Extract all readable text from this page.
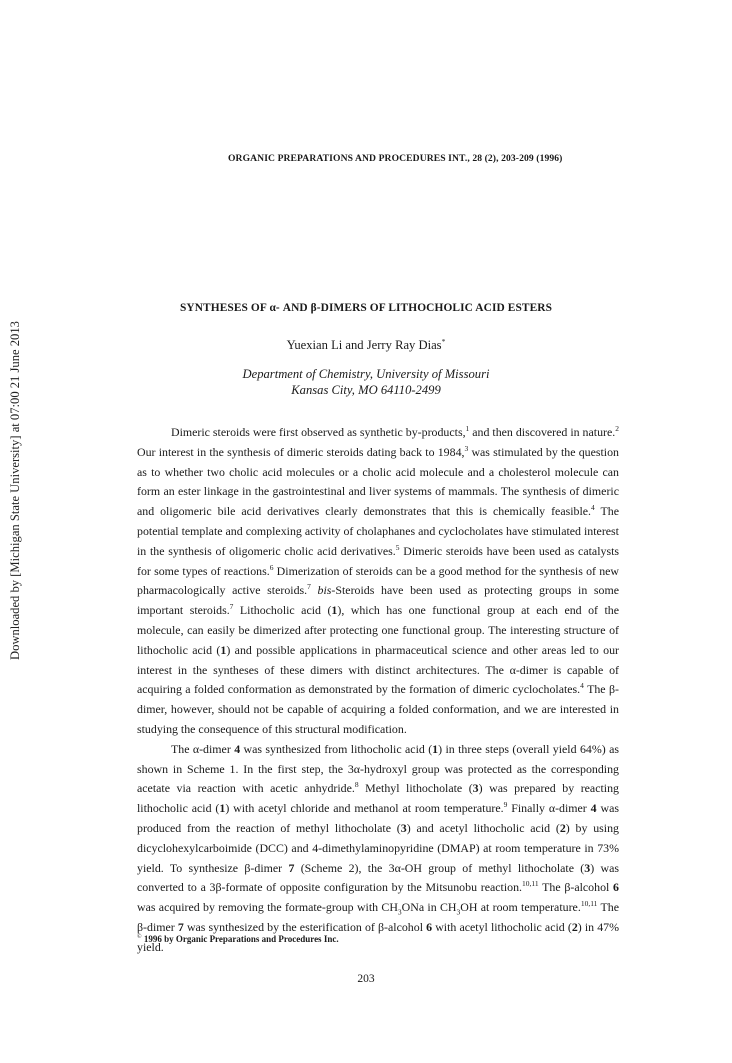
ORGANIC PREPARATIONS AND PROCEDURES INT., 28 (2), 203-209 (1996)
Downloaded by [Michigan State University] at 07:00 21 June 2013
SYNTHESES OF α- AND β-DIMERS OF LITHOCHOLIC ACID ESTERS
Yuexian Li and Jerry Ray Dias*
Department of Chemistry, University of Missouri
Kansas City, MO 64110-2499

Dimeric steroids were first observed as synthetic by-products,$^1$ and then discovered in nature.$^2$ Our interest in the synthesis of dimeric steroids dating back to 1984,$^3$ was stimulated by the question as to whether two cholic acid molecules or a cholic acid molecule and a cholesterol molecule can form an ester linkage in the gastrointestinal and liver systems of mammals. The synthesis of dimeric and oligomeric bile acid derivatives clearly demonstrates that this is chemically feasible.$^4$ The potential template and complexing activity of cholaphanes and cyclocholates have stimulated interest in the synthesis of oligomeric cholic acid derivatives.$^5$ Dimeric steroids have been used as catalysts for some types of reactions.$^6$ Dimerization of steroids can be a good method for the synthesis of new pharmacologically active steroids.$^7$ bis-Steroids have been used as protecting groups in some important steroids.$^7$ Lithocholic acid (1), which has one functional group at each end of the molecule, can easily be dimerized after protecting one functional group. The interesting structure of lithocholic acid (1) and possible applications in pharmaceutical science and other areas led to our interest in the syntheses of these dimers with distinct architectures. The α-dimer is capable of acquiring a folded conformation as demonstrated by the formation of dimeric cyclocholates.$^4$ The β-dimer, however, should not be capable of acquiring a folded conformation, and we are interested in studying the consequence of this structural modification.

The α-dimer 4 was synthesized from lithocholic acid (1) in three steps (overall yield 64%) as shown in Scheme 1. In the first step, the 3α-hydroxyl group was protected as the corresponding acetate via reaction with acetic anhydride.$^8$ Methyl lithocholate (3) was prepared by reacting lithocholic acid (1) with acetyl chloride and methanol at room temperature.$^9$ Finally α-dimer 4 was produced from the reaction of methyl lithocholate (3) and acetyl lithocholic acid (2) by using dicyclohexylcarboimide (DCC) and 4-dimethylaminopyridine (DMAP) at room temperature in 73% yield. To synthesize β-dimer 7 (Scheme 2), the 3α-OH group of methyl lithocholate (3) was converted to a 3β-formate of opposite configuration by the Mitsunobu reaction.$^{10,11}$ The β-alcohol 6 was acquired by removing the formate-group with $CH_3ONa$ in $CH_3OH$ at room temperature.$^{10,11}$ The β-dimer 7 was synthesized by the esterification of β-alcohol 6 with acetyl lithocholic acid (2) in 47% yield.

© 1996 by Organic Preparations and Procedures Inc.
203
